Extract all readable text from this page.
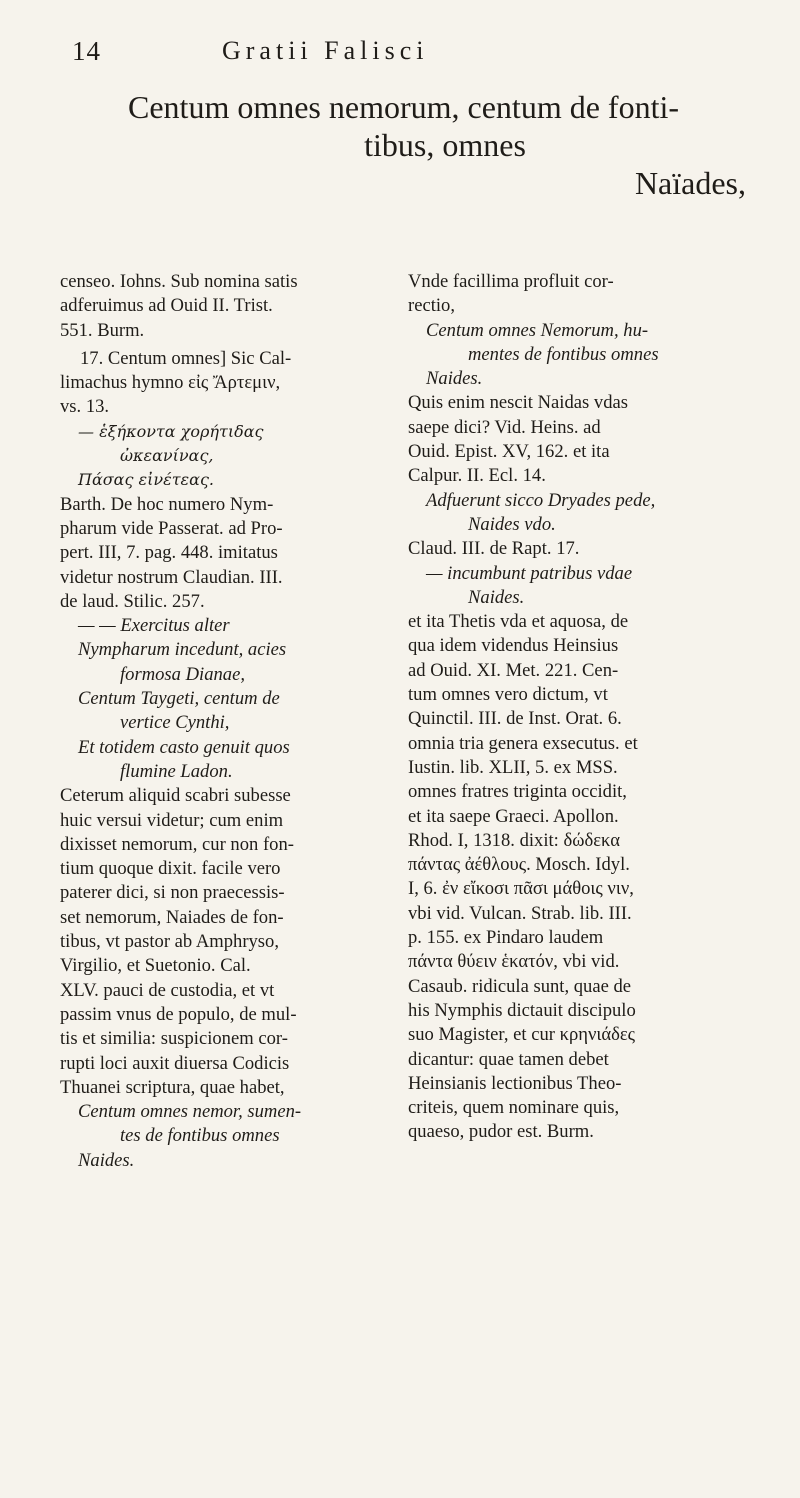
14	Gratii Falisci
Centum omnes nemorum, centum de fonti-
tibus, omnes
Naïades,

censeo. Iohns. Sub nomina satis

adferuimus ad Ouid II. Trist.

551. Burm.

17. Centum omnes] Sic Cal-

limachus hymno εἰς Ἄρτεμιν,

vs. 13.

— ἑξήκοντα χορήτιδας

ὠκεανίνας,

Πάσας εἰνέτεας.

Barth. De hoc numero Nym-

pharum vide Passerat. ad Pro-

pert. III, 7. pag. 448. imitatus

videtur nostrum Claudian. III.

de laud. Stilic. 257.

— — Exercitus alter

Nympharum incedunt, acies

formosa Dianae,

Centum Taygeti, centum de

vertice Cynthi,

Et totidem casto genuit quos

flumine Ladon.

Ceterum aliquid scabri subesse

huic versui videtur; cum enim

dixisset nemorum, cur non fon-

tium quoque dixit. facile vero

paterer dici, si non praecessis-

set nemorum, Naiades de fon-

tibus, vt pastor ab Amphryso,

Virgilio, et Suetonio. Cal.

XLV. pauci de custodia, et vt

passim vnus de populo, de mul-

tis et similia: suspicionem cor-

rupti loci auxit diuersa Codicis

Thuanei scriptura, quae habet,

Centum omnes nemor, sumen-

tes de fontibus omnes

Naides.

Vnde facillima profluit cor-

rectio,

Centum omnes Nemorum, hu-

mentes de fontibus omnes

Naides.

Quis enim nescit Naidas vdas

saepe dici? Vid. Heins. ad

Ouid. Epist. XV, 162. et ita

Calpur. II. Ecl. 14.

Adfuerunt sicco Dryades pede,

Naides vdo.

Claud. III. de Rapt. 17.

— incumbunt patribus vdae

Naides.

et ita Thetis vda et aquosa, de

qua idem videndus Heinsius

ad Ouid. XI. Met. 221. Cen-

tum omnes vero dictum, vt

Quinctil. III. de Inst. Orat. 6.

omnia tria genera exsecutus. et

Iustin. lib. XLII, 5. ex MSS.

omnes fratres triginta occidit,

et ita saepe Graeci. Apollon.

Rhod. I, 1318. dixit: δώδεκα

πάντας ἀέθλους. Mosch. Idyl.

I, 6. ἐν εἴκοσι πᾶσι μάθοις νιν,

vbi vid. Vulcan. Strab. lib. III.

p. 155. ex Pindaro laudem

πάντα θύειν ἑκατόν, vbi vid.

Casaub. ridicula sunt, quae de

his Nymphis dictauit discipulo

suo Magister, et cur κρηνιάδες

dicantur: quae tamen debet

Heinsianis lectionibus Theo-

criteis, quem nominare quis,

quaeso, pudor est. Burm.
